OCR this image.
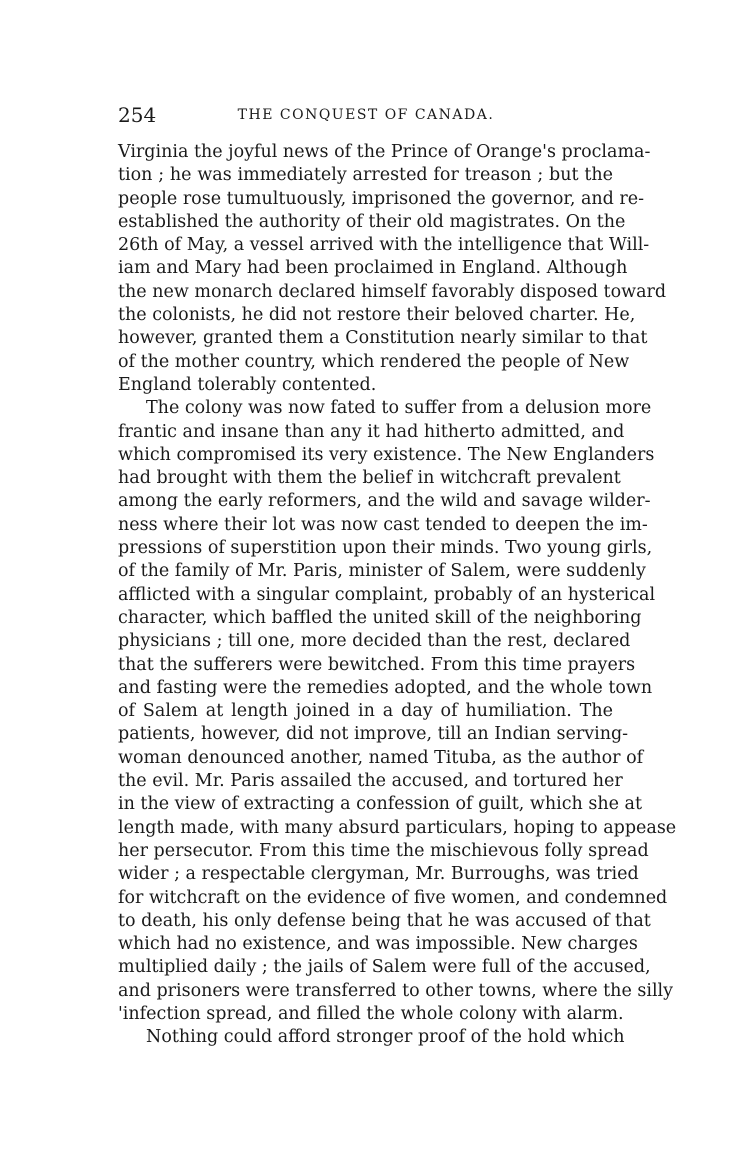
254	THE CONQUEST OF CANADA.
Virginia the joyful news of the Prince of Orange's proclama-
tion ; he was immediately arrested for treason ; but the
people rose tumultuously, imprisoned the governor, and re-
established the authority of their old magistrates. On the
26th of May, a vessel arrived with the intelligence that Will-
iam and Mary had been proclaimed in England. Although
the new monarch declared himself favorably disposed toward
the colonists, he did not restore their beloved charter. He,
however, granted them a Constitution nearly similar to that
of the mother country, which rendered the people of New
England tolerably contented.
The colony was now fated to suffer from a delusion more
frantic and insane than any it had hitherto admitted, and
which compromised its very existence. The New Englanders
had brought with them the belief in witchcraft prevalent
among the early reformers, and the wild and savage wilder-
ness where their lot was now cast tended to deepen the im-
pressions of superstition upon their minds. Two young girls,
of the family of Mr. Paris, minister of Salem, were suddenly
afflicted with a singular complaint, probably of an hysterical
character, which baffled the united skill of the neighboring
physicians ; till one, more decided than the rest, declared
that the sufferers were bewitched. From this time prayers
and fasting were the remedies adopted, and the whole town
of Salem at length joined in a day of humiliation. The
patients, however, did not improve, till an Indian serving-
woman denounced another, named Tituba, as the author of
the evil. Mr. Paris assailed the accused, and tortured her
in the view of extracting a confession of guilt, which she at
length made, with many absurd particulars, hoping to appease
her persecutor. From this time the mischievous folly spread
wider ; a respectable clergyman, Mr. Burroughs, was tried
for witchcraft on the evidence of five women, and condemned
to death, his only defense being that he was accused of that
which had no existence, and was impossible. New charges
multiplied daily ; the jails of Salem were full of the accused,
and prisoners were transferred to other towns, where the silly
'infection spread, and filled the whole colony with alarm.
Nothing could afford stronger proof of the hold which
